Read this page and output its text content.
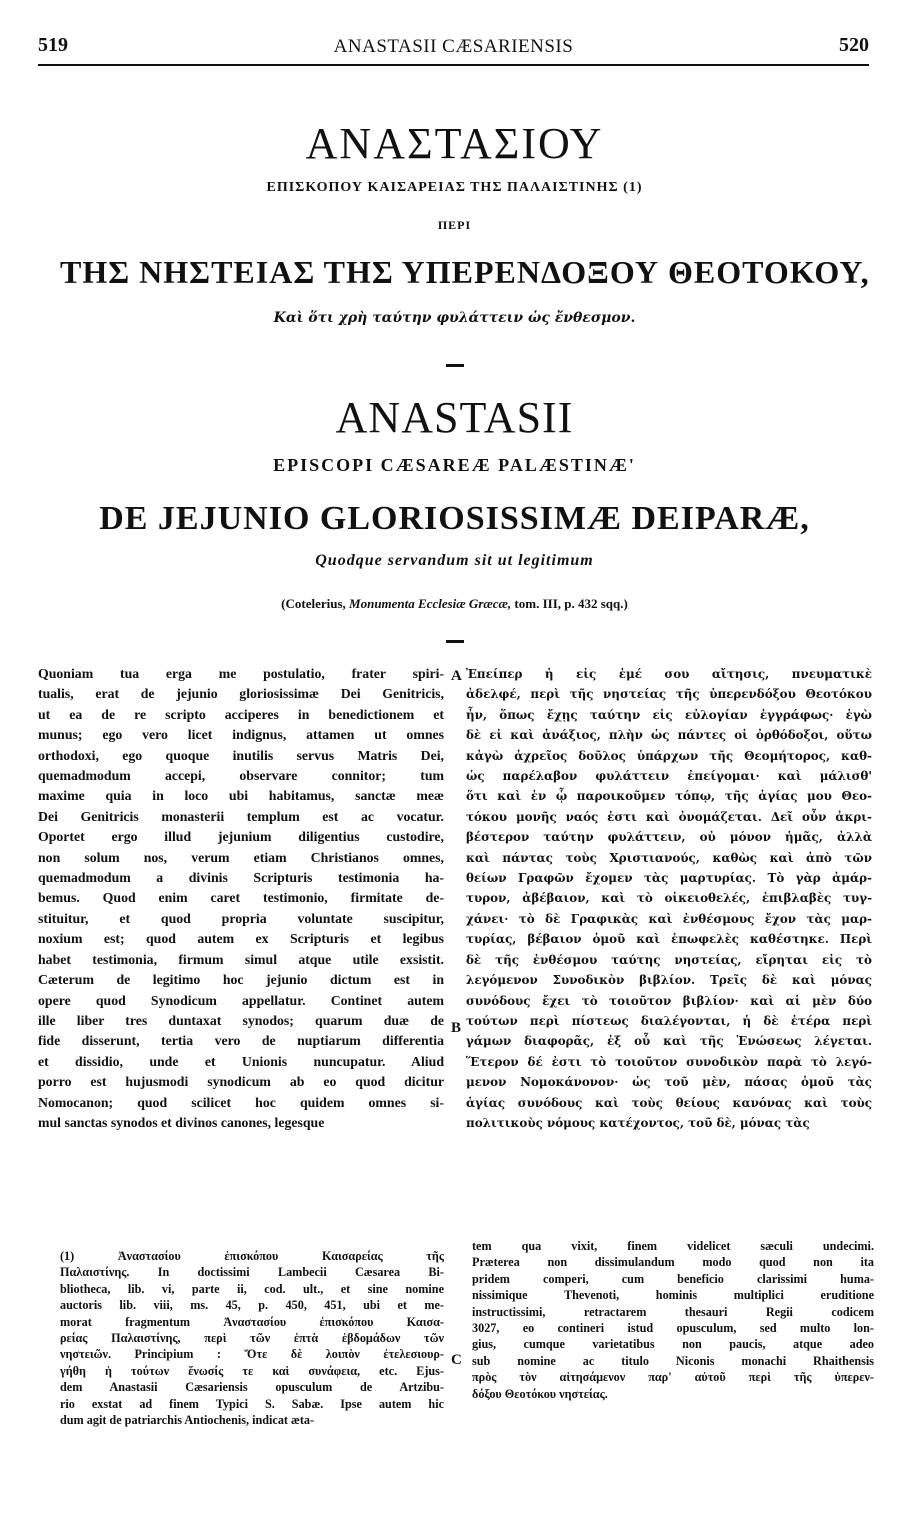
519	ANASTASII CÆSARIENSIS	520
ΑΝΑΣΤΑΣΙΟΥ
ΕΠΙΣΚΟΠΟΥ ΚΑΙΣΑΡΕΙΑΣ ΤΗΣ ΠΑΛΑΙΣΤΙΝΗΣ (1)
ΠΕΡΙ
ΤΗΣ ΝΗΣΤΕΙΑΣ ΤΗΣ ΥΠΕΡΕΝΔΟΞΟΥ ΘΕΟΤΟΚΟΥ,
Καὶ ὅτι χρὴ ταύτην φυλάττειν ὡς ἔνθεσμον.
ANASTASII
EPISCOPI CÆSAREÆ PALÆSTINÆ'
DE JEJUNIO GLORIOSISSIMÆ DEIPARÆ,
Quodque servandum sit ut legitimum
(Cotelerius, Monumenta Ecclesiæ Græcæ, tom. III, p. 432 sqq.)
Quoniam tua erga me postulatio, frater spiri-
tualis, erat de jejunio gloriosissimæ Dei Genitricis,
ut ea de re scripto acciperes in benedictionem et
munus; ego vero licet indignus, attamen ut omnes
orthodoxi, ego quoque inutilis servus Matris Dei,
quemadmodum accepi, observare connitor; tum
maxime quia in loco ubi habitamus, sanctæ meæ
Dei Genitricis monasterii templum est ac vocatur.
Oportet ergo illud jejunium diligentius custodire,
non solum nos, verum etiam Christianos omnes,
quemadmodum a divinis Scripturis testimonia ha-
bemus. Quod enim caret testimonio, firmitate de-
stituitur, et quod propria voluntate suscipitur,
noxium est; quod autem ex Scripturis et legibus
habet testimonia, firmum simul atque utile exsistit.
Cæterum de legitimo hoc jejunio dictum est in
opere quod Synodicum appellatur. Continet autem
ille liber tres duntaxat synodos; quarum duæ de
fide disserunt, tertia vero de nuptiarum differentia
et dissidio, unde et Unionis nuncupatur. Aliud
porro est hujusmodi synodicum ab eo quod dicitur
Nomocanon; quod scilicet hoc quidem omnes si-
mul sanctas synodos et divinos canones, legesque
Ἐπείπερ ἡ εἰς ἐμέ σου αἴτησις, πνευματικὲ
ἀδελφέ, περὶ τῆς νηστείας τῆς ὑπερενδόξου Θεοτόκου
ἦν, ὅπως ἔχῃς ταύτην εἰς εὐλογίαν ἐγγράφως· ἐγὼ
δὲ εἰ καὶ ἀνάξιος, πλὴν ὡς πάντες οἱ ὀρθόδοξοι, οὕτω
κἀγὼ ἀχρεῖος δοῦλος ὑπάρχων τῆς Θεομήτορος, καθ-
ὡς παρέλαβον φυλάττειν ἐπείγομαι· καὶ μάλισθ'
ὅτι καὶ ἐν ᾧ παροικοῦμεν τόπῳ, τῆς ἁγίας μου Θεο-
τόκου μονῆς ναός ἐστι καὶ ὀνομάζεται. Δεῖ οὖν ἀκρι-
βέστερον ταύτην φυλάττειν, οὐ μόνον ἡμᾶς, ἀλλὰ
καὶ πάντας τοὺς Χριστιανούς, καθὼς καὶ ἀπὸ τῶν
θείων Γραφῶν ἔχομεν τὰς μαρτυρίας. Τὸ γὰρ ἀμάρ-
τυρον, ἀβέβαιον, καὶ τὸ οἰκειοθελές, ἐπιβλαβὲς τυγ-
χάνει· τὸ δὲ Γραφικὰς καὶ ἐνθέσμους ἔχον τὰς μαρ-
τυρίας, βέβαιον ὁμοῦ καὶ ἐπωφελὲς καθέστηκε. Περὶ
δὲ τῆς ἐνθέσμου ταύτης νηστείας, εἴρηται εἰς τὸ
λεγόμενον Συνοδικὸν βιβλίον. Τρεῖς δὲ καὶ μόνας
συνόδους ἔχει τὸ τοιοῦτον βιβλίον· καὶ αἱ μὲν δύο
τούτων περὶ πίστεως διαλέγονται, ἡ δὲ ἑτέρα περὶ
γάμων διαφορᾶς, ἐξ οὗ καὶ τῆς Ἑνώσεως λέγεται.
Ἕτερον δέ ἐστι τὸ τοιοῦτον συνοδικὸν παρὰ τὸ λεγό-
μενον Νομοκάνονον· ὡς τοῦ μὲν, πάσας ὁμοῦ τὰς
ἁγίας συνόδους καὶ τοὺς θείους κανόνας καὶ τοὺς
πολιτικοὺς νόμους κατέχοντος, τοῦ δὲ, μόνας τὰς
A
B
C
(1) Ἀναστασίου ἐπισκόπου Καισαρείας τῆς
Παλαιστίνης. In doctissimi Lambecii Cæsarea Bi-
bliotheca, lib. vi, parte ii, cod. ult., et sine nomine
auctoris lib. viii, ms. 45, p. 450, 451, ubi et me-
morat fragmentum Ἀναστασίου ἐπισκόπου Καισα-
ρείας Παλαιστίνης, περὶ τῶν ἑπτὰ ἑβδομάδων τῶν
νηστειῶν. Principium : Ὅτε δὲ λοιπὸν ἐτελεσιουρ-
γήθη ἡ τούτων ἕνωσίς τε καὶ συνάφεια, etc. Ejus-
dem Anastasii Cæsariensis opusculum de Artzibu-
rio exstat ad finem Typici S. Sabæ. Ipse autem hic
dum agit de patriarchis Antiochenis, indicat æta-
tem qua vixit, finem videlicet sæculi undecimi.
Præterea non dissimulandum modo quod non ita
pridem comperi, cum beneficio clarissimi huma-
nissimique Thevenoti, hominis multiplici eruditione
instructissimi, retractarem thesauri Regii codicem
3027, eo contineri istud opusculum, sed multo lon-
gius, cumque varietatibus non paucis, atque adeo
sub nomine ac titulo Niconis monachi Rhaithensis
πρὸς τὸν αἰτησάμενον παρ' αὐτοῦ περὶ τῆς ὑπερεν-
δόξου Θεοτόκου νηστείας.
